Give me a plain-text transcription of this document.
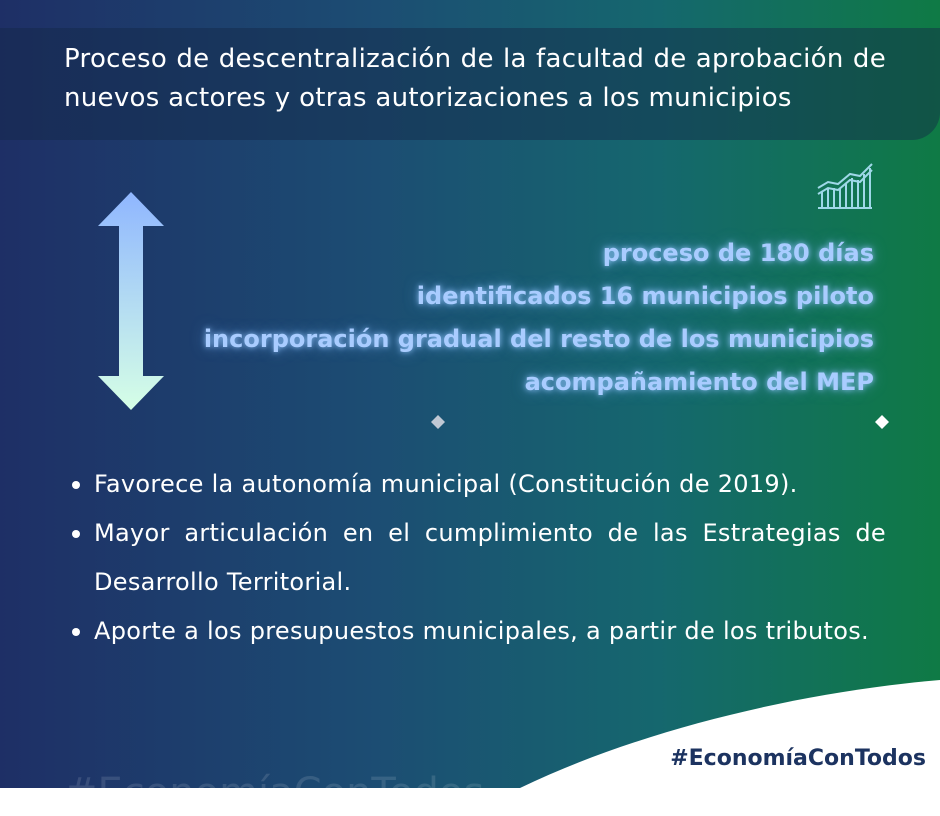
Proceso de descentralización de la facultad de aprobación de nuevos actores y otras autorizaciones a los municipios
proceso de 180 días
identificados 16 municipios piloto
incorporación gradual del resto de los municipios
acompañamiento del MEP
Favorece la autonomía municipal (Constitución de 2019).
Mayor articulación en el cumplimiento de las Estrategias de Desarrollo Territorial.
Aporte a los presupuestos municipales, a partir de los tributos.
#EconomíaConTodos
#EconomíaConTodos
